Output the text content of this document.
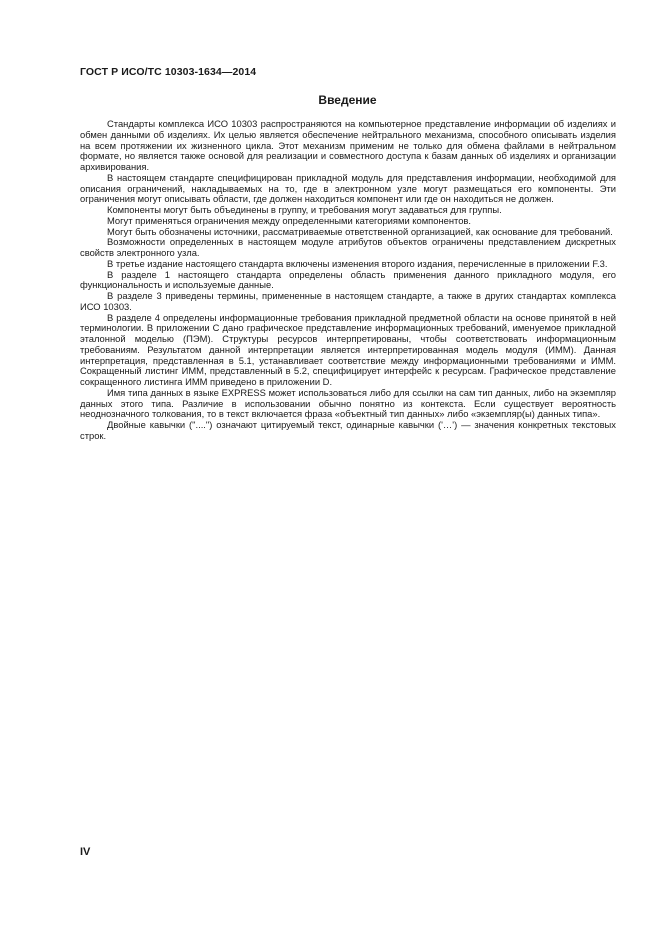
ГОСТ Р ИСО/ТС 10303-1634—2014
Введение

Стандарты комплекса ИСО 10303 распространяются на компьютерное представление информации об изделиях и обмен данными об изделиях. Их целью является обеспечение нейтрального механизма, способного описывать изделия на всем протяжении их жизненного цикла. Этот механизм применим не только для обмена файлами в нейтральном формате, но является также основой для реализации и совместного доступа к базам данных об изделиях и организации архивирования.

В настоящем стандарте специфицирован прикладной модуль для представления информации, необходимой для описания ограничений, накладываемых на то, где в электронном узле могут размещаться его компоненты. Эти ограничения могут описывать области, где должен находиться компонент или где он находиться не должен.

Компоненты могут быть объединены в группу, и требования могут задаваться для группы.

Могут применяться ограничения между определенными категориями компонентов.

Могут быть обозначены источники, рассматриваемые ответственной организацией, как основание для требований.

Возможности определенных в настоящем модуле атрибутов объектов ограничены представлением дискретных свойств электронного узла.

В третье издание настоящего стандарта включены изменения второго издания, перечисленные в приложении F.3.

В разделе 1 настоящего стандарта определены область применения данного прикладного модуля, его функциональность и используемые данные.

В разделе 3 приведены термины, примененные в настоящем стандарте, а также в других стандартах комплекса ИСО 10303.

В разделе 4 определены информационные требования прикладной предметной области на основе принятой в ней терминологии. В приложении С дано графическое представление информационных требований, именуемое прикладной эталонной моделью (ПЭМ). Структуры ресурсов интерпретированы, чтобы соответствовать информационным требованиям. Результатом данной интерпретации является интерпретированная модель модуля (ИММ). Данная интерпретация, представленная в 5.1, устанавливает соответствие между информационными требованиями и ИММ. Сокращенный листинг ИММ, представленный в 5.2, специфицирует интерфейс к ресурсам. Графическое представление сокращенного листинга ИММ приведено в приложении D.

Имя типа данных в языке EXPRESS может использоваться либо для ссылки на сам тип данных, либо на экземпляр данных этого типа. Различие в использовании обычно понятно из контекста. Если существует вероятность неоднозначного толкования, то в текст включается фраза «объектный тип данных» либо «экземпляр(ы) данных типа».

Двойные кавычки ("....") означают цитируемый текст, одинарные кавычки ('…') — значения конкретных текстовых строк.

IV
